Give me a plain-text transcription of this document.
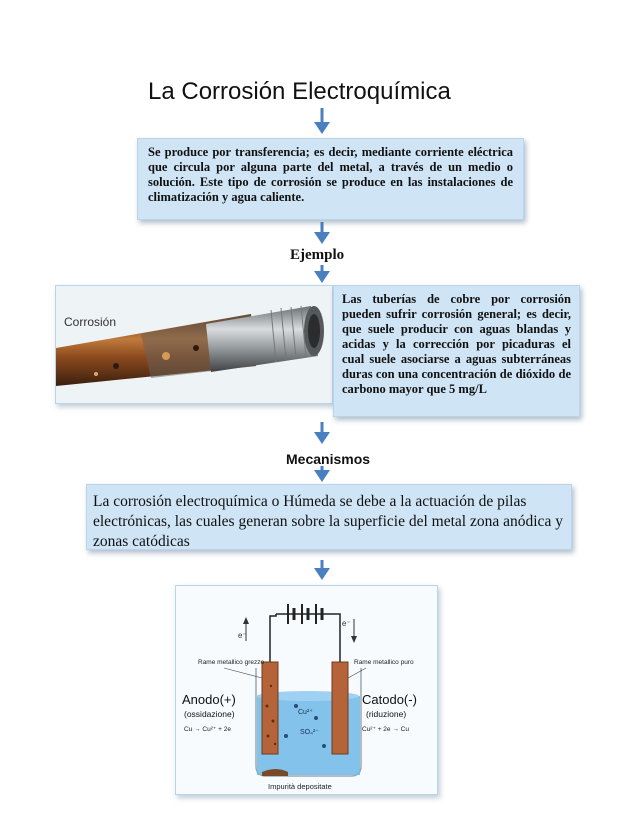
La Corrosión Electroquímica
Se produce por transferencia; es decir, mediante corriente eléctrica que circula por alguna parte del metal, a través de un medio o solución. Este tipo de corrosión se produce en las instalaciones de climatización y agua caliente.
Ejemplo
Corrosión
Las tuberías de cobre por corrosión pueden sufrir corrosión general; es decir, que suele producir con aguas blandas y acidas y la corrección por picaduras el cual suele asociarse a aguas subterráneas duras con una concentración de dióxido de carbono mayor que 5 mg/L
Mecanismos
La corrosión electroquímica o Húmeda se debe a la actuación de pilas electrónicas, las cuales generan sobre la superficie del metal zona anódica y zonas catódicas
e⁻
e⁻
Cu²⁺
SO₄²⁻
Impurità depositate
Rame metallico grezzo
Anodo(+)
(ossidazione)
Cu → Cu²⁺ + 2e
Rame metallico puro
Catodo(-)
(riduzione)
Cu²⁺ + 2e → Cu
